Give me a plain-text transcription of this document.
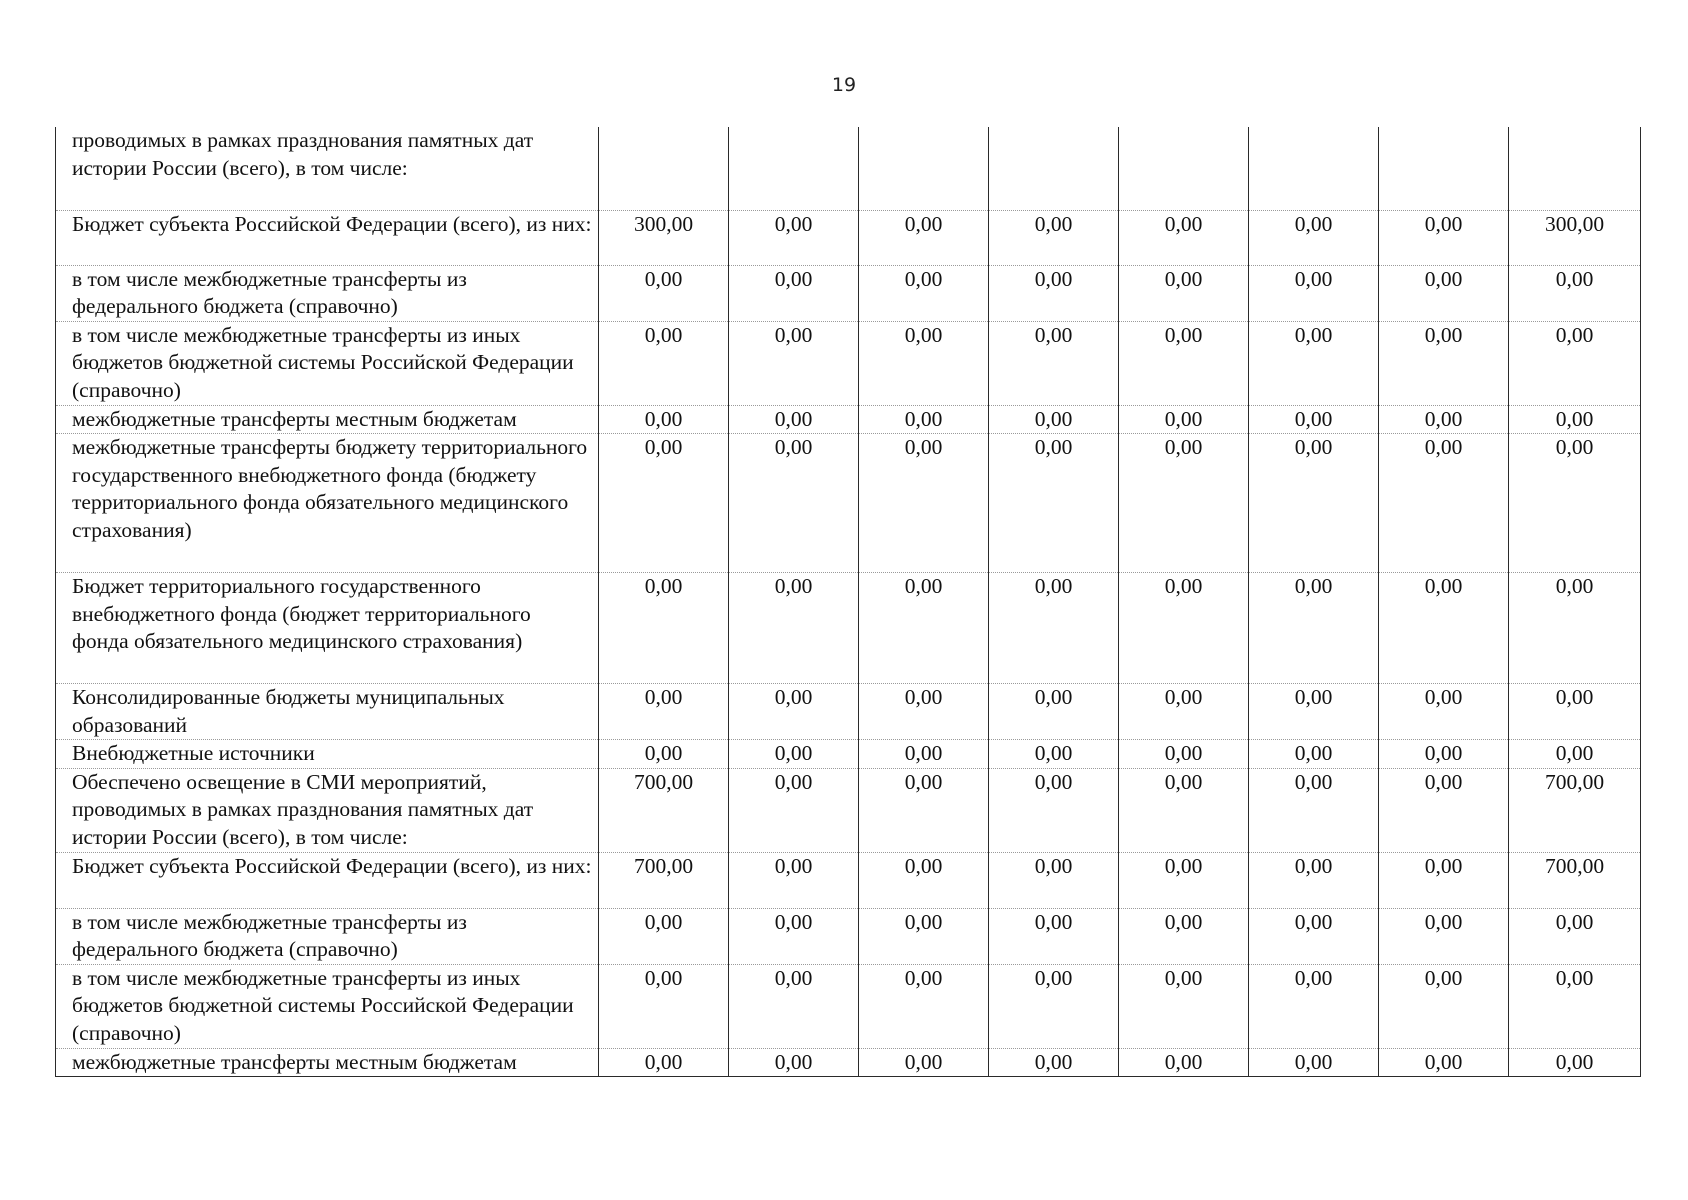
19
проводимых в рамках празднования памятных дат истории России (всего), в том числе:								
Бюджет субъекта Российской Федерации (всего), из них:	300,00	0,00	0,00	0,00	0,00	0,00	0,00	300,00
в том числе межбюджетные трансферты из федерального бюджета (справочно)	0,00	0,00	0,00	0,00	0,00	0,00	0,00	0,00
в том числе межбюджетные трансферты из иных бюджетов бюджетной системы Российской Федерации (справочно)	0,00	0,00	0,00	0,00	0,00	0,00	0,00	0,00
межбюджетные трансферты местным бюджетам	0,00	0,00	0,00	0,00	0,00	0,00	0,00	0,00
межбюджетные трансферты бюджету территориального государственного внебюджетного фонда (бюджету территориального фонда обязательного медицинского страхования)	0,00	0,00	0,00	0,00	0,00	0,00	0,00	0,00
Бюджет территориального государственного внебюджетного фонда (бюджет территориального фонда обязательного медицинского страхования)	0,00	0,00	0,00	0,00	0,00	0,00	0,00	0,00
Консолидированные бюджеты муниципальных образований	0,00	0,00	0,00	0,00	0,00	0,00	0,00	0,00
Внебюджетные источники	0,00	0,00	0,00	0,00	0,00	0,00	0,00	0,00
Обеспечено освещение в СМИ мероприятий, проводимых в рамках празднования памятных дат истории России (всего), в том числе:	700,00	0,00	0,00	0,00	0,00	0,00	0,00	700,00
Бюджет субъекта Российской Федерации (всего), из них:	700,00	0,00	0,00	0,00	0,00	0,00	0,00	700,00
в том числе межбюджетные трансферты из федерального бюджета (справочно)	0,00	0,00	0,00	0,00	0,00	0,00	0,00	0,00
в том числе межбюджетные трансферты из иных бюджетов бюджетной системы Российской Федерации (справочно)	0,00	0,00	0,00	0,00	0,00	0,00	0,00	0,00
межбюджетные трансферты местным бюджетам	0,00	0,00	0,00	0,00	0,00	0,00	0,00	0,00
